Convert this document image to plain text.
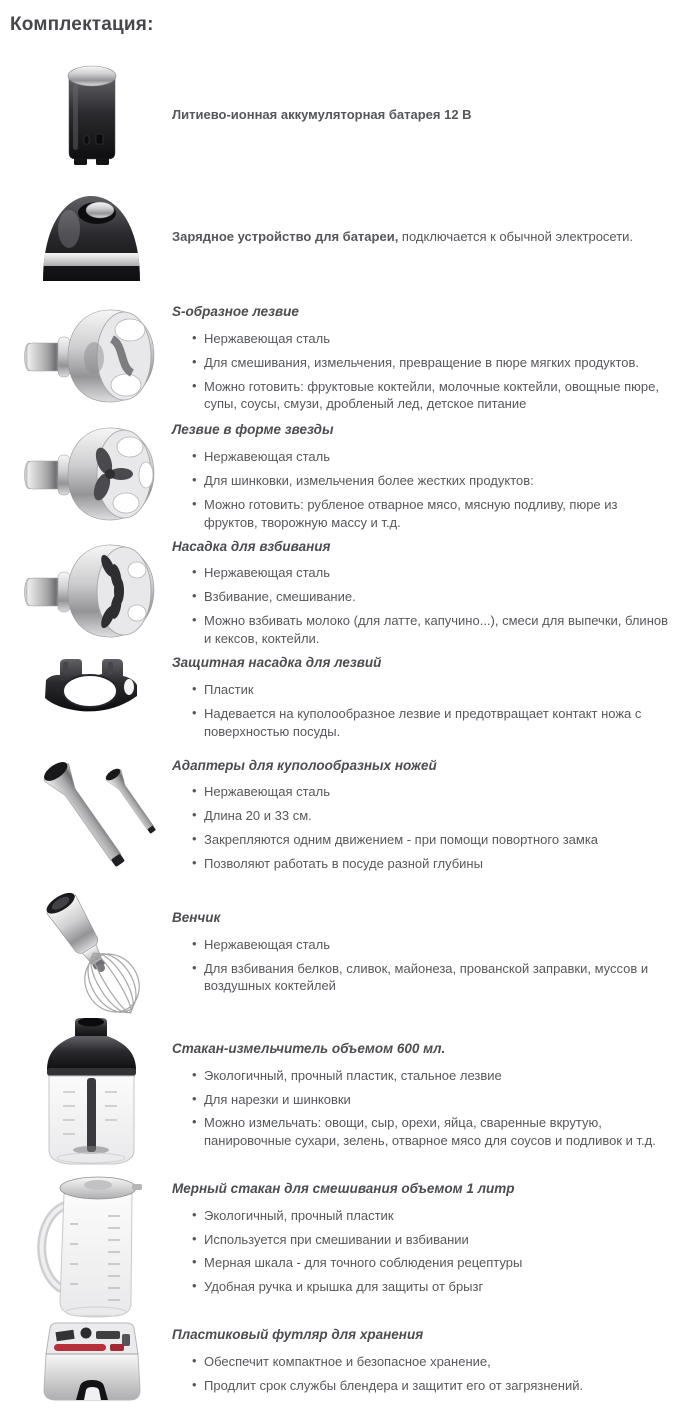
Комплектация:
Литиево-ионная аккумуляторная батарея 12 В
Зарядное устройство для батареи, подключается к обычной электросети.
S-образное лезвие
• Нержавеющая сталь
• Для смешивания, измельчения, превращение в пюре мягких продуктов.
• Можно готовить: фруктовые коктейли, молочные коктейли, овощные пюре, супы, соусы, смузи, дробленый лед, детское питание
Лезвие в форме звезды
• Нержавеющая сталь
• Для шинковки, измельчения более жестких продуктов:
• Можно готовить: рубленое отварное мясо, мясную подливу, пюре из фруктов, творожную массу и т.д.
Насадка для взбивания
• Нержавеющая сталь
• Взбивание, смешивание.
• Можно взбивать молоко (для латте, капучино...), смеси для выпечки, блинов и кексов, коктейли.
Защитная насадка для лезвий
• Пластик
• Надевается на куполообразное лезвие и предотвращает контакт ножа с поверхностью посуды.
Адаптеры для куполообразных ножей
• Нержавеющая сталь
• Длина 20 и 33 см.
• Закрепляются одним движением - при помощи повортного замка
• Позволяют работать в посуде разной глубины
Венчик
• Нержавеющая сталь
• Для взбивания белков, сливок, майонеза, прованской заправки, муссов и воздушных коктейлей
Стакан-измельчитель объемом 600 мл.
• Экологичный, прочный пластик, стальное лезвие
• Для нарезки и шинковки
• Можно измельчать: овощи, сыр, орехи, яйца, сваренные вкрутую, панировочные сухари, зелень, отварное мясо для соусов и подливок и т.д.
Мерный стакан для смешивания объемом 1 литр
• Экологичный, прочный пластик
• Используется при смешивании и взбивании
• Мерная шкала - для точного соблюдения рецептуры
• Удобная ручка и крышка для защиты от брызг
Пластиковый футляр для хранения
• Обеспечит компактное и безопасное хранение,
• Продлит срок службы блендера и защитит его от загрязнений.
